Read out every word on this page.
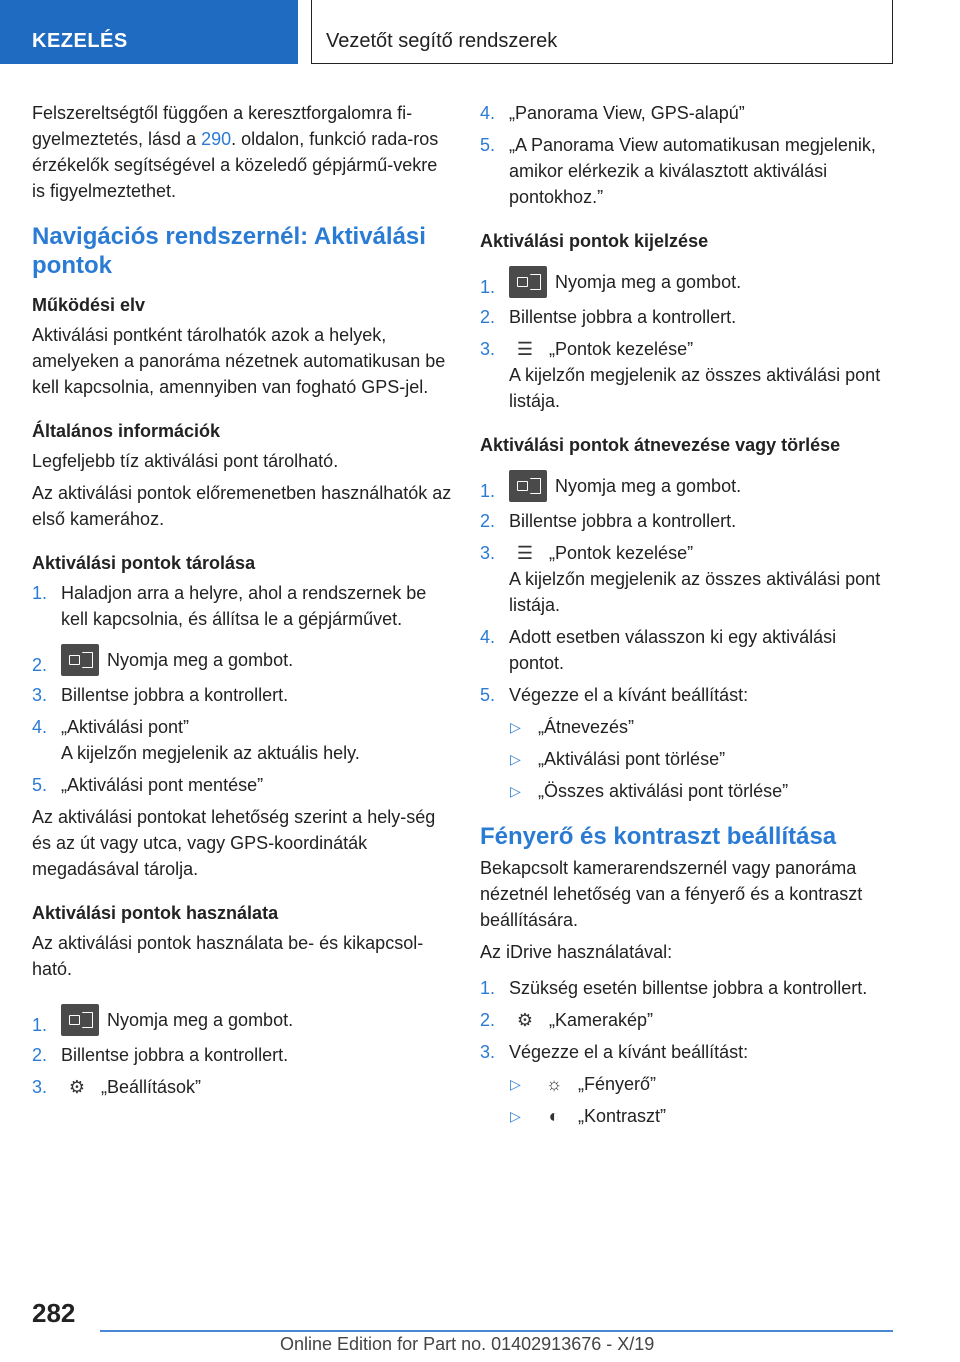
KEZELÉS	Vezetőt segítő rendszerek

Felszereltségtől függően a keresztforgalomra fi-gyelmeztetés, lásd a 290. oldalon, funkció rada-ros érzékelők segítségével a közeledő gépjármű-vekre is figyelmeztethet.

Navigációs rendszernél: Aktiválási pontok
Működési elv

Aktiválási pontként tárolhatók azok a helyek, amelyeken a panoráma nézetnek automatikusan be kell kapcsolnia, amennyiben van fogható GPS-jel.

Általános információk

Legfeljebb tíz aktiválási pont tárolható.

Az aktiválási pontok előremenetben használhatók az első kamerához.

Aktiválási pontok tárolása
1. Haladjon arra a helyre, ahol a rendszernek be kell kapcsolnia, és állítsa le a gépjárművet.
2.	Nyomja meg a gombot.
3. Billentse jobbra a kontrollert.
4. „Aktiválási pont”
A kijelzőn megjelenik az aktuális hely.
5. „Aktiválási pont mentése”

Az aktiválási pontokat lehetőség szerint a hely-ség és az út vagy utca, vagy GPS-koordináták megadásával tárolja.

Aktiválási pontok használata

Az aktiválási pontok használata be- és kikapcsol-ható.

1.	Nyomja meg a gombot.
2. Billentse jobbra a kontrollert.
3. ⚙ „Beállítások”
4. „Panorama View, GPS-alapú”
5. „A Panorama View automatikusan megjelenik, amikor elérkezik a kiválasztott aktiválási pontokhoz.”
Aktiválási pontok kijelzése
1.	Nyomja meg a gombot.
2. Billentse jobbra a kontrollert.
3. ☰ „Pontok kezelése”
A kijelzőn megjelenik az összes aktiválási pont listája.
Aktiválási pontok átnevezése vagy törlése
1.	Nyomja meg a gombot.
2. Billentse jobbra a kontrollert.
3. ☰ „Pontok kezelése”
A kijelzőn megjelenik az összes aktiválási pont listája.
4. Adott esetben válasszon ki egy aktiválási pontot.
5. Végezze el a kívánt beállítást:
▷ „Átnevezés”
▷ „Aktiválási pont törlése”
▷ „Összes aktiválási pont törlése”
Fényerő és kontraszt beállítása

Bekapcsolt kamerarendszernél vagy panoráma nézetnél lehetőség van a fényerő és a kontraszt beállítására.

Az iDrive használatával:

1. Szükség esetén billentse jobbra a kontrollert.
2. ⚙ „Kamerakép”
3. Végezze el a kívánt beállítást:
▷ ☼ „Fényerő”
▷ ◐ „Kontraszt”
282
Online Edition for Part no. 01402913676 - X/19
